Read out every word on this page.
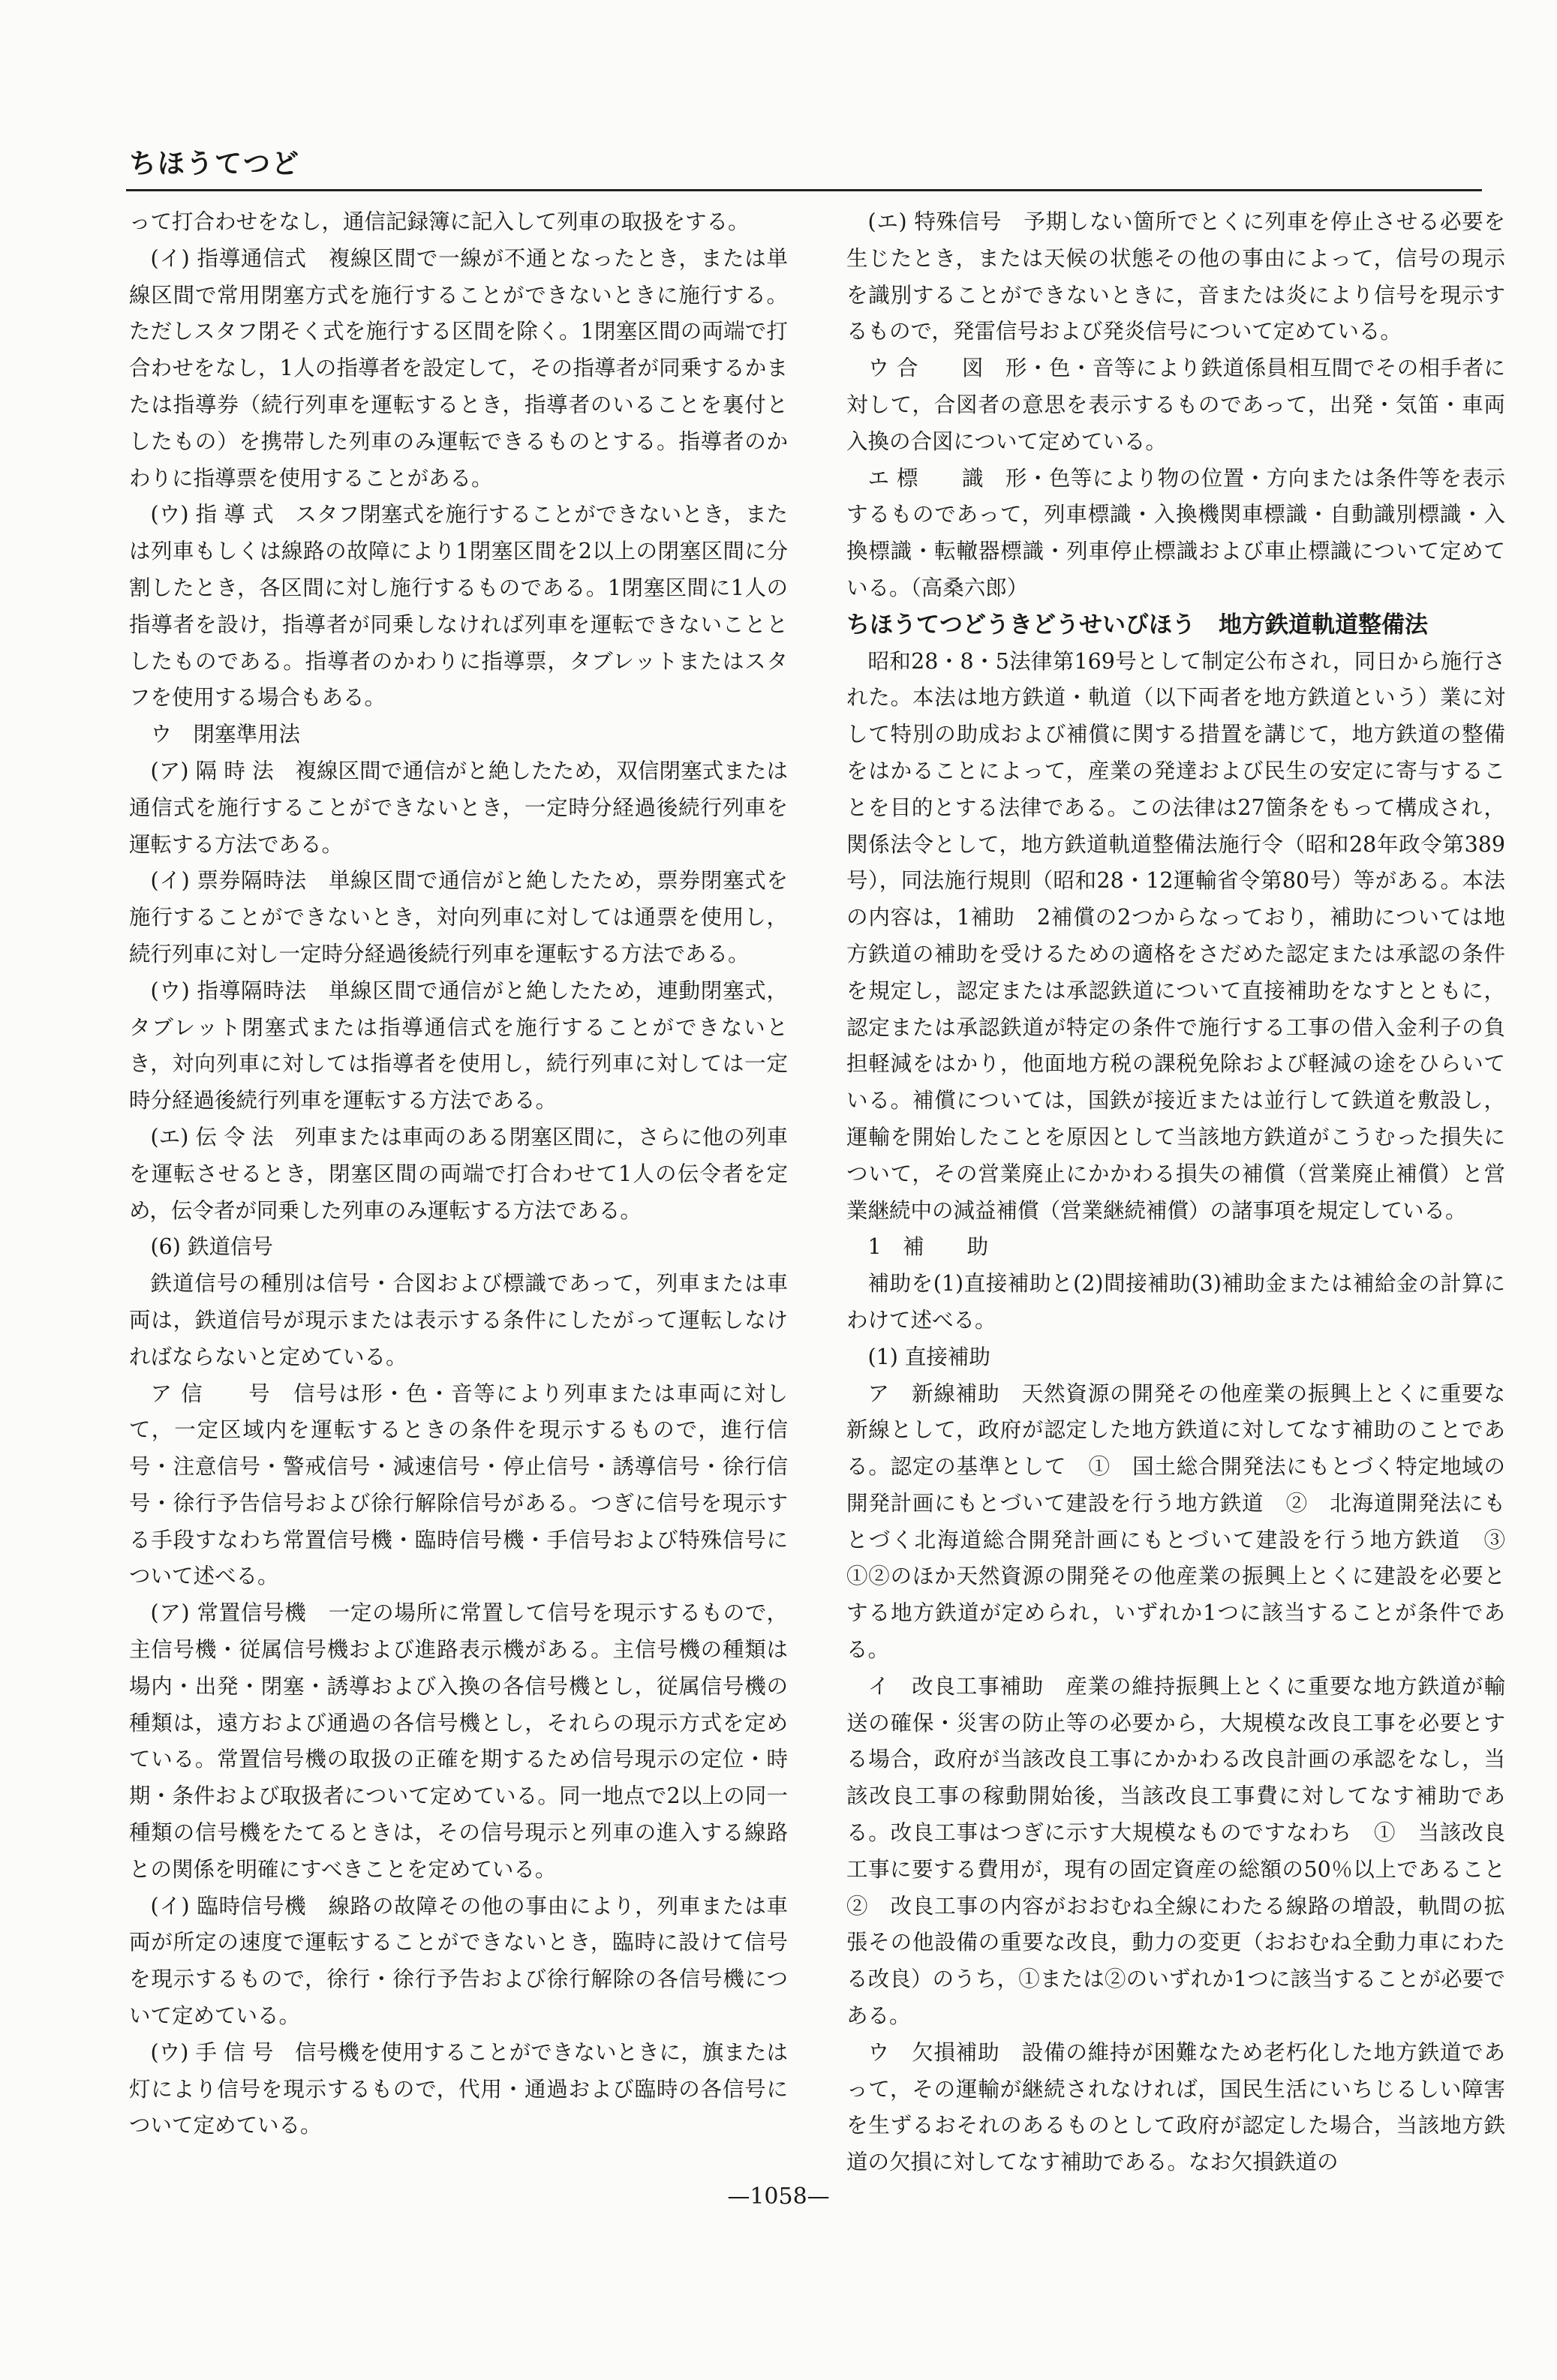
ちほうてつど

って打合わせをなし，通信記録簿に記入して列車の取扱をする。

(イ) 指導通信式　複線区間で一線が不通となったとき，または単線区間で常用閉塞方式を施行することができないときに施行する。ただしスタフ閉そく式を施行する区間を除く。1閉塞区間の両端で打合わせをなし，1人の指導者を設定して，その指導者が同乗するかまたは指導券（続行列車を運転するとき，指導者のいることを裏付としたもの）を携帯した列車のみ運転できるものとする。指導者のかわりに指導票を使用することがある。

(ウ) 指 導 式　スタフ閉塞式を施行することができないとき，または列車もしくは線路の故障により1閉塞区間を2以上の閉塞区間に分割したとき，各区間に対し施行するものである。1閉塞区間に1人の指導者を設け，指導者が同乗しなければ列車を運転できないこととしたものである。指導者のかわりに指導票，タブレットまたはスタフを使用する場合もある。

ウ　閉塞準用法

(ア) 隔 時 法　複線区間で通信がと絶したため，双信閉塞式または通信式を施行することができないとき，一定時分経過後続行列車を運転する方法である。

(イ) 票券隔時法　単線区間で通信がと絶したため，票券閉塞式を施行することができないとき，対向列車に対しては通票を使用し，続行列車に対し一定時分経過後続行列車を運転する方法である。

(ウ) 指導隔時法　単線区間で通信がと絶したため，連動閉塞式，タブレット閉塞式または指導通信式を施行することができないとき，対向列車に対しては指導者を使用し，続行列車に対しては一定時分経過後続行列車を運転する方法である。

(エ) 伝 令 法　列車または車両のある閉塞区間に，さらに他の列車を運転させるとき，閉塞区間の両端で打合わせて1人の伝令者を定め，伝令者が同乗した列車のみ運転する方法である。

(6) 鉄道信号

鉄道信号の種別は信号・合図および標識であって，列車または車両は，鉄道信号が現示または表示する条件にしたがって運転しなければならないと定めている。

ア 信　　号　信号は形・色・音等により列車または車両に対して，一定区域内を運転するときの条件を現示するもので，進行信号・注意信号・警戒信号・減速信号・停止信号・誘導信号・徐行信号・徐行予告信号および徐行解除信号がある。つぎに信号を現示する手段すなわち常置信号機・臨時信号機・手信号および特殊信号について述べる。

(ア) 常置信号機　一定の場所に常置して信号を現示するもので，主信号機・従属信号機および進路表示機がある。主信号機の種類は場内・出発・閉塞・誘導および入換の各信号機とし，従属信号機の種類は，遠方および通過の各信号機とし，それらの現示方式を定めている。常置信号機の取扱の正確を期するため信号現示の定位・時期・条件および取扱者について定めている。同一地点で2以上の同一種類の信号機をたてるときは，その信号現示と列車の進入する線路との関係を明確にすべきことを定めている。

(イ) 臨時信号機　線路の故障その他の事由により，列車または車両が所定の速度で運転することができないとき，臨時に設けて信号を現示するもので，徐行・徐行予告および徐行解除の各信号機について定めている。

(ウ) 手 信 号　信号機を使用することができないときに，旗または灯により信号を現示するもので，代用・通過および臨時の各信号について定めている。

(エ) 特殊信号　予期しない箇所でとくに列車を停止させる必要を生じたとき，または天候の状態その他の事由によって，信号の現示を識別することができないときに，音または炎により信号を現示するもので，発雷信号および発炎信号について定めている。

ウ 合　　図　形・色・音等により鉄道係員相互間でその相手者に対して，合図者の意思を表示するものであって，出発・気笛・車両入換の合図について定めている。

エ 標　　識　形・色等により物の位置・方向または条件等を表示するものであって，列車標識・入換機関車標識・自動識別標識・入換標識・転轍器標識・列車停止標識および車止標識について定めている。（高桑六郎）

ちほうてつどうきどうせいびほう　地方鉄道軌道整備法

昭和28・8・5法律第169号として制定公布され，同日から施行された。本法は地方鉄道・軌道（以下両者を地方鉄道という）業に対して特別の助成および補償に関する措置を講じて，地方鉄道の整備をはかることによって，産業の発達および民生の安定に寄与することを目的とする法律である。この法律は27箇条をもって構成され，関係法令として，地方鉄道軌道整備法施行令（昭和28年政令第389号），同法施行規則（昭和28・12運輸省令第80号）等がある。本法の内容は，1補助　2補償の2つからなっており，補助については地方鉄道の補助を受けるための適格をさだめた認定または承認の条件を規定し，認定または承認鉄道について直接補助をなすとともに，認定または承認鉄道が特定の条件で施行する工事の借入金利子の負担軽減をはかり，他面地方税の課税免除および軽減の途をひらいている。補償については，国鉄が接近または並行して鉄道を敷設し，運輸を開始したことを原因として当該地方鉄道がこうむった損失について，その営業廃止にかかわる損失の補償（営業廃止補償）と営業継続中の減益補償（営業継続補償）の諸事項を規定している。

1　補　　助

補助を(1)直接補助と(2)間接補助(3)補助金または補給金の計算にわけて述べる。

(1) 直接補助

ア　新線補助　天然資源の開発その他産業の振興上とくに重要な新線として，政府が認定した地方鉄道に対してなす補助のことである。認定の基準として　①　国土総合開発法にもとづく特定地域の開発計画にもとづいて建設を行う地方鉄道　②　北海道開発法にもとづく北海道総合開発計画にもとづいて建設を行う地方鉄道　③　①②のほか天然資源の開発その他産業の振興上とくに建設を必要とする地方鉄道が定められ，いずれか1つに該当することが条件である。

イ　改良工事補助　産業の維持振興上とくに重要な地方鉄道が輸送の確保・災害の防止等の必要から，大規模な改良工事を必要とする場合，政府が当該改良工事にかかわる改良計画の承認をなし，当該改良工事の稼動開始後，当該改良工事費に対してなす補助である。改良工事はつぎに示す大規模なものですなわち　①　当該改良工事に要する費用が，現有の固定資産の総額の50％以上であること　②　改良工事の内容がおおむね全線にわたる線路の増設，軌間の拡張その他設備の重要な改良，動力の変更（おおむね全動力車にわたる改良）のうち，①または②のいずれか1つに該当することが必要である。

ウ　欠損補助　設備の維持が困難なため老朽化した地方鉄道であって，その運輸が継続されなければ，国民生活にいちじるしい障害を生ずるおそれのあるものとして政府が認定した場合，当該地方鉄道の欠損に対してなす補助である。なお欠損鉄道の

—1058—
